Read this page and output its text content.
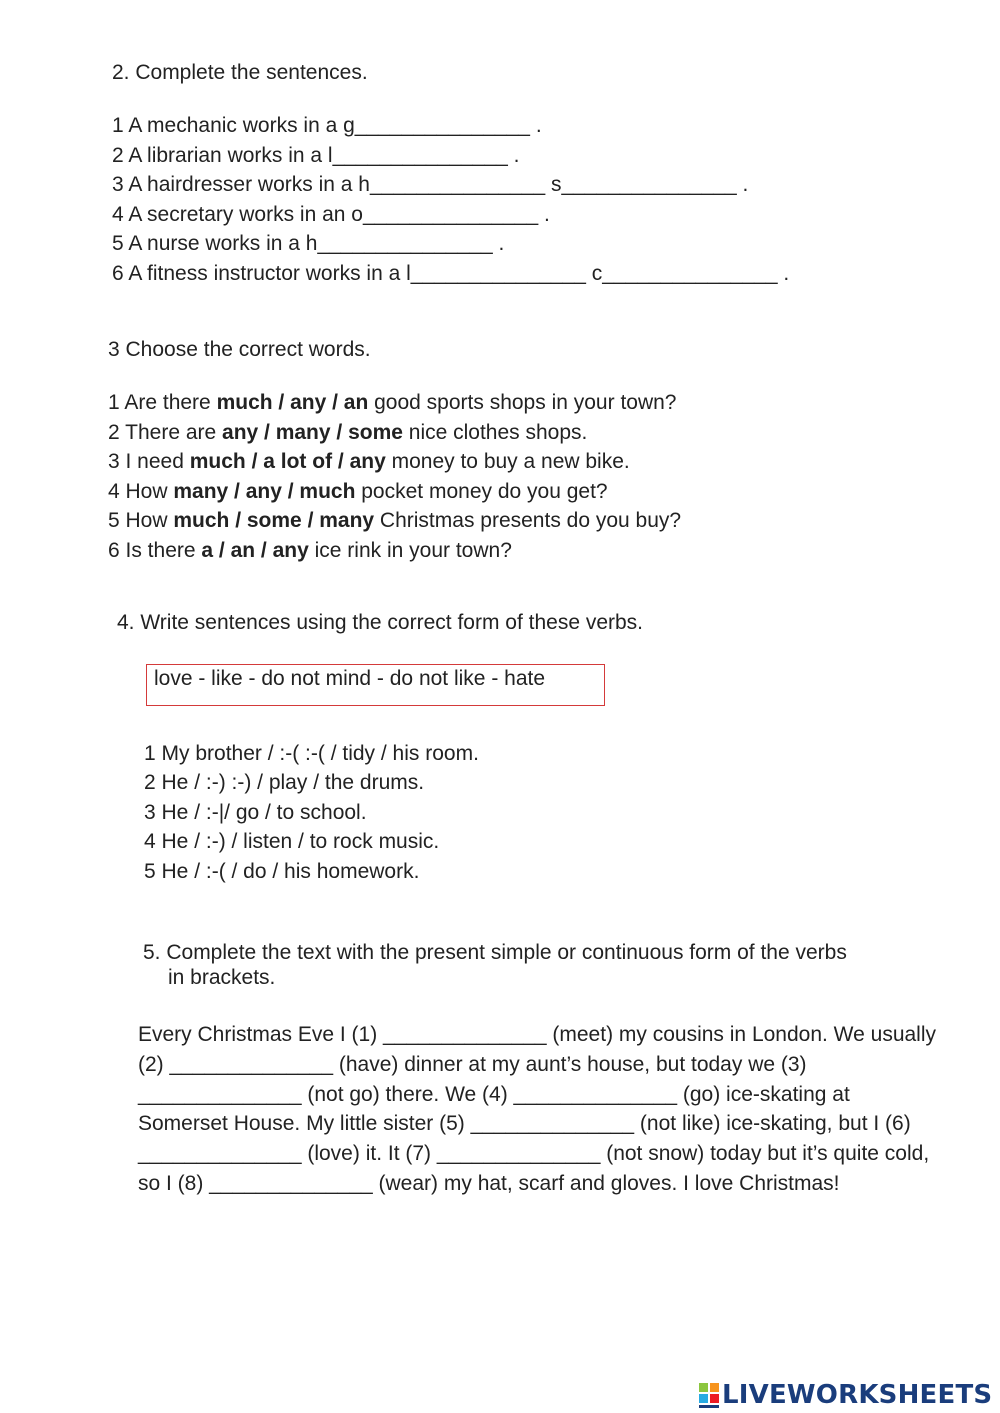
2. Complete the sentences.
1 A mechanic works in a g_______________ .
2 A librarian works in a l_______________ .
3 A hairdresser works in a h_______________ s_______________ .
4 A secretary works in an o_______________ .
5 A nurse works in a h_______________ .
6 A fitness instructor works in a l_______________ c_______________ .
3 Choose the correct words.
1 Are there much / any / an good sports shops in your town?
2 There are any / many / some nice clothes shops.
3 I need much / a lot of / any money to buy a new bike.
4 How many / any / much pocket money do you get?
5 How much / some / many Christmas presents do you buy?
6 Is there a / an / any ice rink in your town?
4. Write sentences using the correct form of these verbs.
love - like - do not mind - do not like - hate
1 My brother / :-( :-( / tidy / his room.
2 He / :-) :-) / play / the drums.
3 He / :-|/ go / to school.
4 He / :-) / listen / to rock music.
5 He / :-( / do / his homework.
5. Complete the text with the present simple or continuous form of the verbs
in brackets.
Every Christmas Eve I (1) ______________ (meet) my cousins in London. We usually (2) ______________ (have) dinner at my aunt’s house, but today we (3) ______________ (not go) there. We (4) ______________ (go) ice-skating at Somerset House. My little sister (5) ______________ (not like) ice-skating, but I (6) ______________ (love) it. It (7) ______________ (not snow) today but it’s quite cold, so I (8) ______________ (wear) my hat, scarf and gloves. I love Christmas!
LIVEWORKSHEETS
